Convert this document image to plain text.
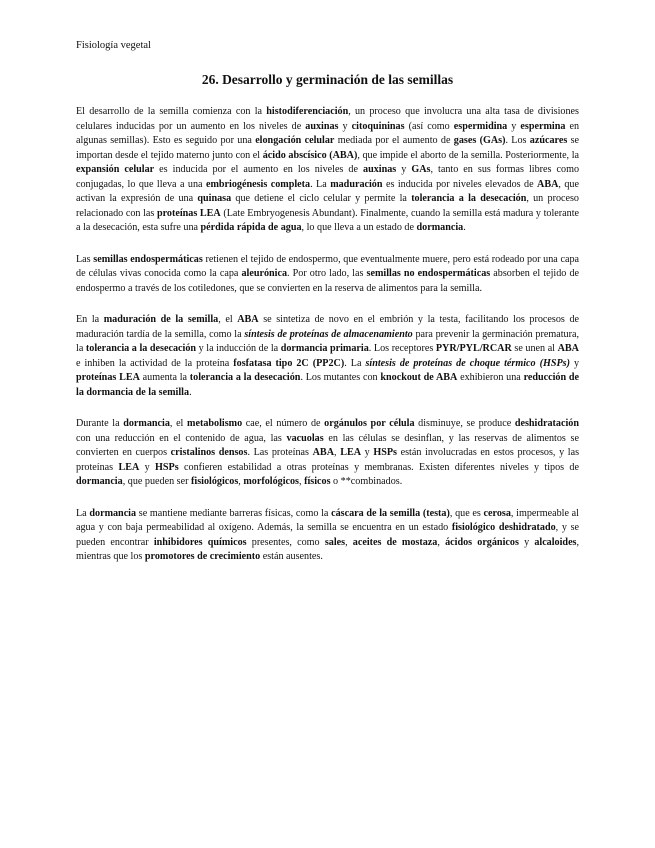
Fisiología vegetal

26. Desarrollo y germinación de las semillas

El desarrollo de la semilla comienza con la histodiferenciación, un proceso que involucra una alta tasa de divisiones celulares inducidas por un aumento en los niveles de auxinas y citoquininas (así como espermidina y espermina en algunas semillas). Esto es seguido por una elongación celular mediada por el aumento de gases (GAs). Los azúcares se importan desde el tejido materno junto con el ácido abscísico (ABA), que impide el aborto de la semilla. Posteriormente, la expansión celular es inducida por el aumento en los niveles de auxinas y GAs, tanto en sus formas libres como conjugadas, lo que lleva a una embriogénesis completa. La maduración es inducida por niveles elevados de ABA, que activan la expresión de una quinasa que detiene el ciclo celular y permite la tolerancia a la desecación, un proceso relacionado con las proteínas LEA (Late Embryogenesis Abundant). Finalmente, cuando la semilla está madura y tolerante a la desecación, esta sufre una pérdida rápida de agua, lo que lleva a un estado de dormancia.

Las semillas endospermáticas retienen el tejido de endospermo, que eventualmente muere, pero está rodeado por una capa de células vivas conocida como la capa aleurónica. Por otro lado, las semillas no endospermáticas absorben el tejido de endospermo a través de los cotiledones, que se convierten en la reserva de alimentos para la semilla.

En la maduración de la semilla, el ABA se sintetiza de novo en el embrión y la testa, facilitando los procesos de maduración tardía de la semilla, como la síntesis de proteínas de almacenamiento para prevenir la germinación prematura, la tolerancia a la desecación y la inducción de la dormancia primaria. Los receptores PYR/PYL/RCAR se unen al ABA e inhiben la actividad de la proteína fosfatasa tipo 2C (PP2C). La síntesis de proteínas de choque térmico (HSPs) y proteínas LEA aumenta la tolerancia a la desecación. Los mutantes con knockout de ABA exhibieron una reducción de la dormancia de la semilla.

Durante la dormancia, el metabolismo cae, el número de orgánulos por célula disminuye, se produce deshidratación con una reducción en el contenido de agua, las vacuolas en las células se desinflan, y las reservas de alimentos se convierten en cuerpos cristalinos densos. Las proteínas ABA, LEA y HSPs están involucradas en estos procesos, y las proteínas LEA y HSPs confieren estabilidad a otras proteínas y membranas. Existen diferentes niveles y tipos de dormancia, que pueden ser fisiológicos, morfológicos, físicos o **combinados.

La dormancia se mantiene mediante barreras físicas, como la cáscara de la semilla (testa), que es cerosa, impermeable al agua y con baja permeabilidad al oxígeno. Además, la semilla se encuentra en un estado fisiológico deshidratado, y se pueden encontrar inhibidores químicos presentes, como sales, aceites de mostaza, ácidos orgánicos y alcaloides, mientras que los promotores de crecimiento están ausentes.
